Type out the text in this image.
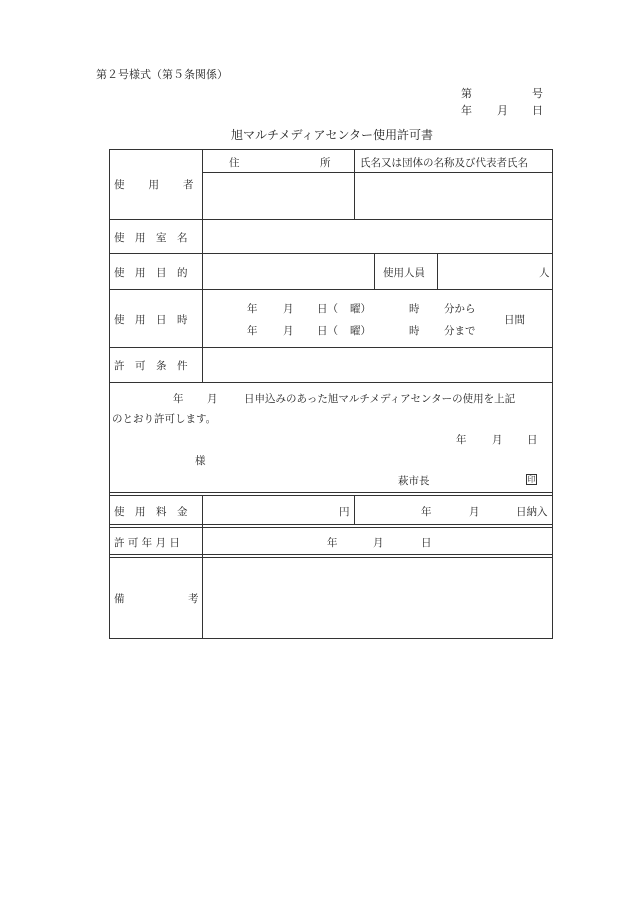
第２号様式（第５条関係）
第	号
年 月 日
旭マルチメディアセンター使用許可書
使　　用　　者
住	所	氏名又は団体の名称及び代表者氏名
使　用　室　名
使　用　目　的	使用人員	人
使　用　日　時
年 月 日（ 曜）	時 分から
年 月 日（ 曜）	時 分まで
日間
許　可　条　件
年 月	日申込みのあった旭マルチメディアセンターの使用を上記
のとおり許可します。
年 月 日
様
萩市長	印
使　用　料　金	円	年	月	日納入
許 可 年 月 日	年	月	日
備	考
